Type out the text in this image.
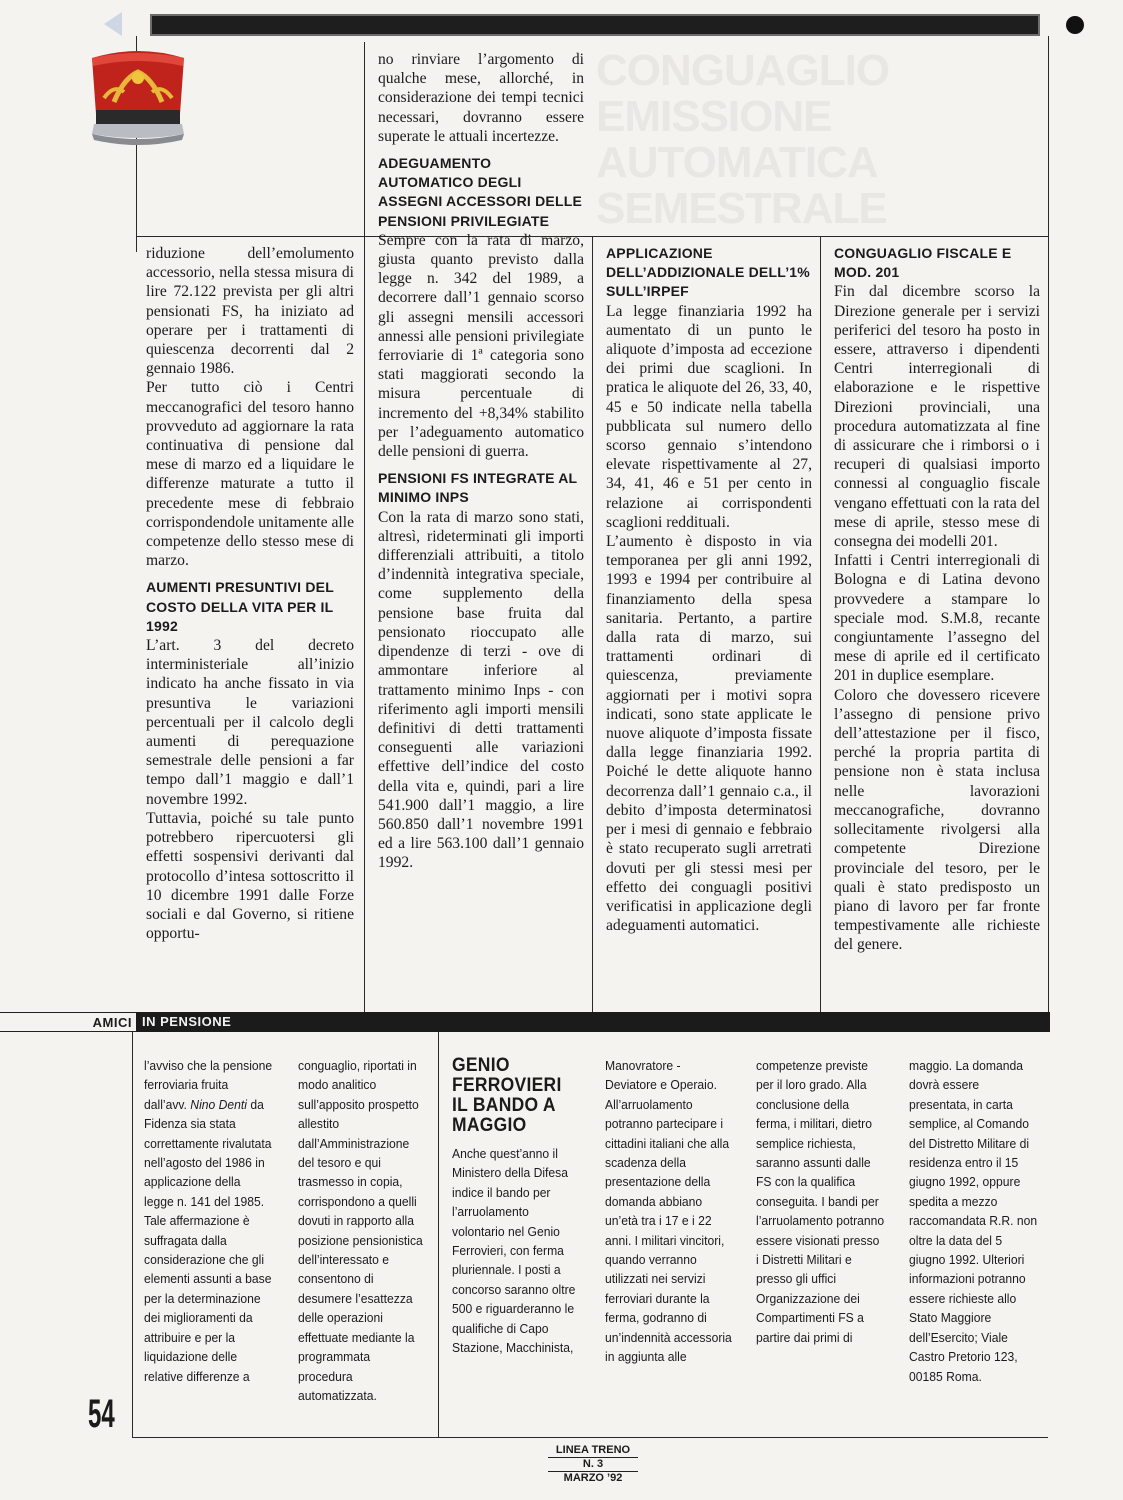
CONGUAGLIO
EMISSIONE AUTOMATICA
SEMESTRALE

riduzione dell’emolumento accessorio, nella stessa misura di lire 72.122 prevista per gli altri pensionati FS, ha iniziato ad operare per i trattamenti di quiescenza decorrenti dal 2 gennaio 1986.

Per tutto ciò i Centri meccanografici del tesoro hanno provveduto ad aggiornare la rata continuativa di pensione dal mese di marzo ed a liquidare le differenze maturate a tutto il precedente mese di febbraio corrispondendole unitamente alle competenze dello stesso mese di marzo.

AUMENTI PRESUNTIVI DEL COSTO DELLA VITA PER IL 1992

L’art. 3 del decreto interministeriale all’inizio indicato ha anche fissato in via presuntiva le variazioni percentuali per il calcolo degli aumenti di perequazione semestrale delle pensioni a far tempo dall’1 maggio e dall’1 novembre 1992.

Tuttavia, poiché su tale punto potrebbero ripercuotersi gli effetti sospensivi derivanti dal protocollo d’intesa sottoscritto il 10 dicembre 1991 dalle Forze sociali e dal Governo, si ritiene opportu-

no rinviare l’argomento di qualche mese, allorché, in considerazione dei tempi tecnici necessari, dovranno essere superate le attuali incertezze.

ADEGUAMENTO AUTOMATICO DEGLI ASSEGNI ACCESSORI DELLE PENSIONI PRIVILEGIATE

Sempre con la rata di marzo, giusta quanto previsto dalla legge n. 342 del 1989, a decorrere dall’1 gennaio scorso gli assegni mensili accessori annessi alle pensioni privilegiate ferroviarie di 1ª categoria sono stati maggiorati secondo la misura percentuale di incremento del +8,34% stabilito per l’adeguamento automatico delle pensioni di guerra.

PENSIONI FS INTEGRATE AL MINIMO INPS

Con la rata di marzo sono stati, altresì, rideterminati gli importi differenziali attribuiti, a titolo d’indennità integrativa speciale, come supplemento della pensione base fruita dal pensionato rioccupato alle dipendenze di terzi - ove di ammontare inferiore al trattamento minimo Inps - con riferimento agli importi mensili definitivi di detti trattamenti conseguenti alle variazioni effettive dell’indice del costo della vita e, quindi, pari a lire 541.900 dall’1 maggio, a lire 560.850 dall’1 novembre 1991 ed a lire 563.100 dall’1 gennaio 1992.

APPLICAZIONE DELL’ADDIZIONALE DELL’1% SULL’IRPEF

La legge finanziaria 1992 ha aumentato di un punto le aliquote d’imposta ad eccezione dei primi due scaglioni. In pratica le aliquote del 26, 33, 40, 45 e 50 indicate nella tabella pubblicata sul numero dello scorso gennaio s’intendono elevate rispettivamente al 27, 34, 41, 46 e 51 per cento in relazione ai corrispondenti scaglioni reddituali.

L’aumento è disposto in via temporanea per gli anni 1992, 1993 e 1994 per contribuire al finanziamento della spesa sanitaria. Pertanto, a partire dalla rata di marzo, sui trattamenti ordinari di quiescenza, previamente aggiornati per i motivi sopra indicati, sono state applicate le nuove aliquote d’imposta fissate dalla legge finanziaria 1992. Poiché le dette aliquote hanno decorrenza dall’1 gennaio c.a., il debito d’imposta determinatosi per i mesi di gennaio e febbraio è stato recuperato sugli arretrati dovuti per gli stessi mesi per effetto dei conguagli positivi verificatisi in applicazione degli adeguamenti automatici.

CONGUAGLIO FISCALE E MOD. 201

Fin dal dicembre scorso la Direzione generale per i servizi periferici del tesoro ha posto in essere, attraverso i dipendenti Centri interregionali di elaborazione e le rispettive Direzioni provinciali, una procedura automatizzata al fine di assicurare che i rimborsi o i recuperi di qualsiasi importo connessi al conguaglio fiscale vengano effettuati con la rata del mese di aprile, stesso mese di consegna dei modelli 201.

Infatti i Centri interregionali di Bologna e di Latina devono provvedere a stampare lo speciale mod. S.M.8, recante congiuntamente l’assegno del mese di aprile ed il certificato 201 in duplice esemplare.

Coloro che dovessero ricevere l’assegno di pensione privo dell’attestazione per il fisco, perché la propria partita di pensione non è stata inclusa nelle lavorazioni meccanografiche, dovranno sollecitamente rivolgersi alla competente Direzione provinciale del tesoro, per le quali è stato predisposto un piano di lavoro per far fronte tempestivamente alle richieste del genere.

AMICI IN PENSIONE

l’avviso che la pensione ferroviaria fruita dall’avv. Nino Denti da Fidenza sia stata correttamente rivalutata nell’agosto del 1986 in applicazione della legge n. 141 del 1985. Tale affermazione è suffragata dalla considerazione che gli elementi assunti a base per la determinazione dei miglioramenti da attribuire e per la liquidazione delle relative differenze a

conguaglio, riportati in modo analitico sull’apposito prospetto allestito dall’Amministrazione del tesoro e qui trasmesso in copia, corrispondono a quelli dovuti in rapporto alla posizione pensionistica dell’interessato e consentono di desumere l’esattezza delle operazioni effettuate mediante la programmata procedura automatizzata.

GENIO FERROVIERI IL BANDO A MAGGIO

Anche quest’anno il Ministero della Difesa indice il bando per l’arruolamento volontario nel Genio Ferrovieri, con ferma pluriennale. I posti a concorso saranno oltre 500 e riguarderanno le qualifiche di Capo Stazione, Macchinista,

Manovratore - Deviatore e Operaio. All’arruolamento potranno partecipare i cittadini italiani che alla scadenza della presentazione della domanda abbiano un’età tra i 17 e i 22 anni. I militari vincitori, quando verranno utilizzati nei servizi ferroviari durante la ferma, godranno di un’indennità accessoria in aggiunta alle

competenze previste per il loro grado. Alla conclusione della ferma, i militari, dietro semplice richiesta, saranno assunti dalle FS con la qualifica conseguita. I bandi per l’arruolamento potranno essere visionati presso i Distretti Militari e presso gli uffici Organizzazione dei Compartimenti FS a partire dai primi di

maggio. La domanda dovrà essere presentata, in carta semplice, al Comando del Distretto Militare di residenza entro il 15 giugno 1992, oppure spedita a mezzo raccomandata R.R. non oltre la data del 5 giugno 1992. Ulteriori informazioni potranno essere richieste allo Stato Maggiore dell’Esercito; Viale Castro Pretorio 123, 00185 Roma.

54
LINEA TRENO
N. 3
MARZO ’92
